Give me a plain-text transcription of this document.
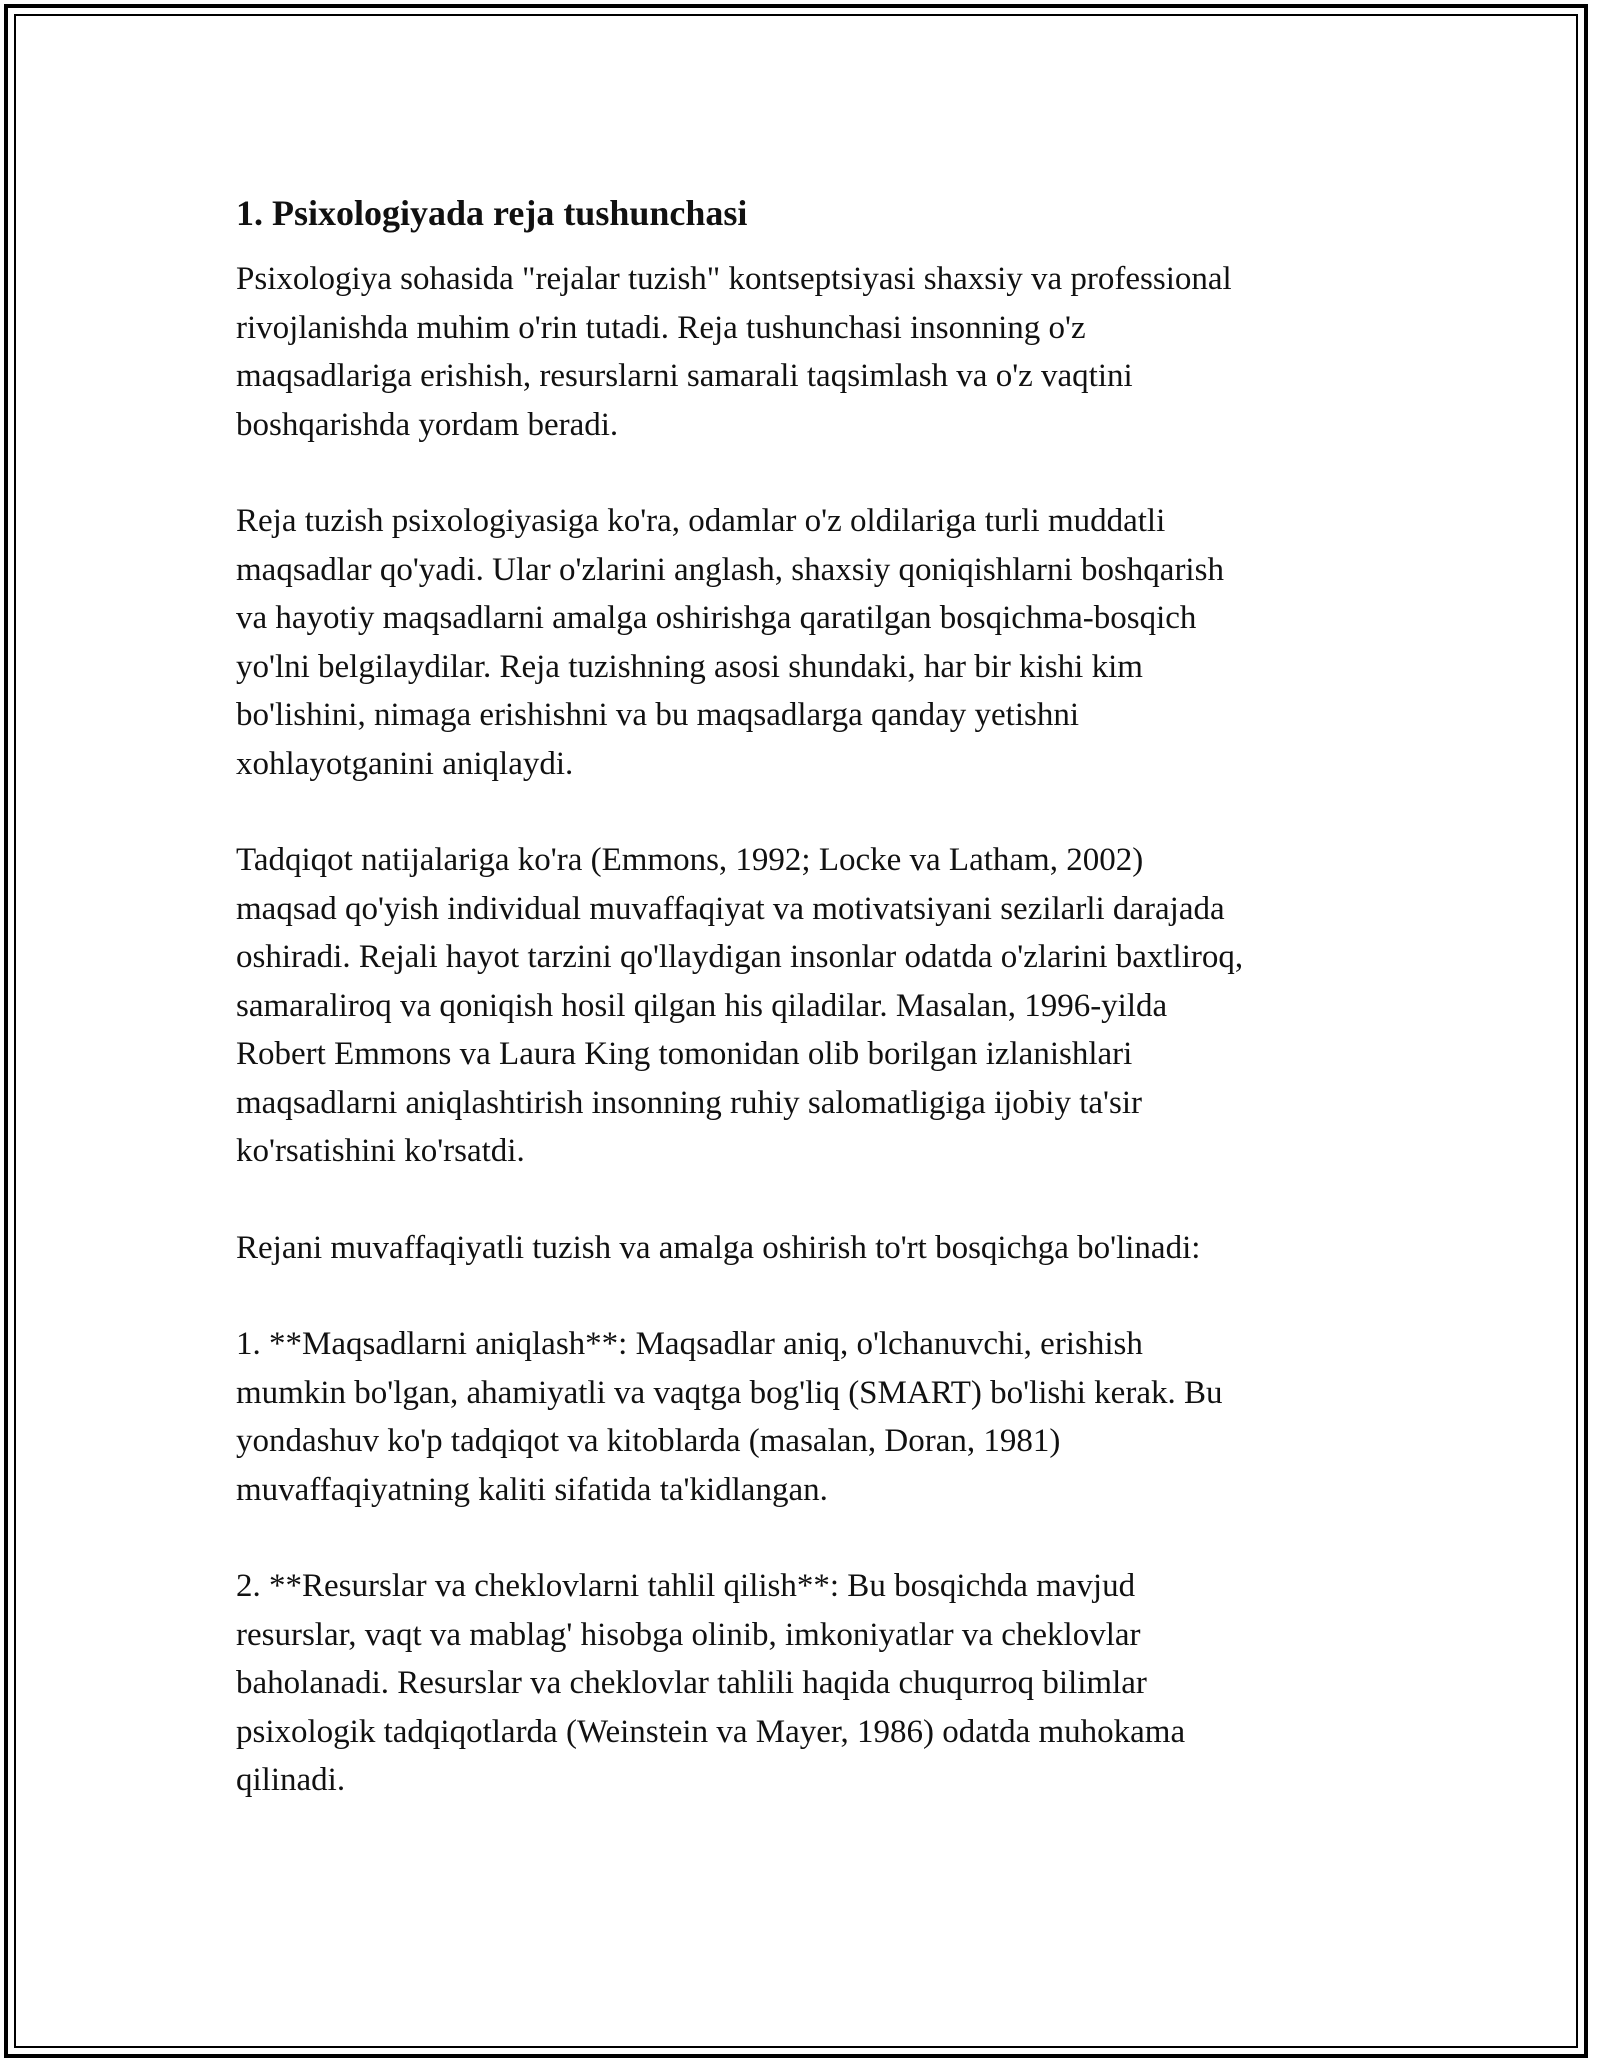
1. Psixologiyada reja tushunchasi

Psixologiya sohasida "rejalar tuzish" kontseptsiyasi shaxsiy va professional
rivojlanishda muhim o'rin tutadi. Reja tushunchasi insonning o'z
maqsadlariga erishish, resurslarni samarali taqsimlash va o'z vaqtini
boshqarishda yordam beradi.

Reja tuzish psixologiyasiga ko'ra, odamlar o'z oldilariga turli muddatli
maqsadlar qo'yadi. Ular o'zlarini anglash, shaxsiy qoniqishlarni boshqarish
va hayotiy maqsadlarni amalga oshirishga qaratilgan bosqichma-bosqich
yo'lni belgilaydilar. Reja tuzishning asosi shundaki, har bir kishi kim
bo'lishini, nimaga erishishni va bu maqsadlarga qanday yetishni
xohlayotganini aniqlaydi.

Tadqiqot natijalariga ko'ra (Emmons, 1992; Locke va Latham, 2002)
maqsad qo'yish individual muvaffaqiyat va motivatsiyani sezilarli darajada
oshiradi. Rejali hayot tarzini qo'llaydigan insonlar odatda o'zlarini baxtliroq,
samaraliroq va qoniqish hosil qilgan his qiladilar. Masalan, 1996-yilda
Robert Emmons va Laura King tomonidan olib borilgan izlanishlari
maqsadlarni aniqlashtirish insonning ruhiy salomatligiga ijobiy ta'sir
ko'rsatishini ko'rsatdi.

Rejani muvaffaqiyatli tuzish va amalga oshirish to'rt bosqichga bo'linadi:

1. **Maqsadlarni aniqlash**: Maqsadlar aniq, o'lchanuvchi, erishish
mumkin bo'lgan, ahamiyatli va vaqtga bog'liq (SMART) bo'lishi kerak. Bu
yondashuv ko'p tadqiqot va kitoblarda (masalan, Doran, 1981)
muvaffaqiyatning kaliti sifatida ta'kidlangan.

2. **Resurslar va cheklovlarni tahlil qilish**: Bu bosqichda mavjud
resurslar, vaqt va mablag' hisobga olinib, imkoniyatlar va cheklovlar
baholanadi. Resurslar va cheklovlar tahlili haqida chuqurroq bilimlar
psixologik tadqiqotlarda (Weinstein va Mayer, 1986) odatda muhokama
qilinadi.
